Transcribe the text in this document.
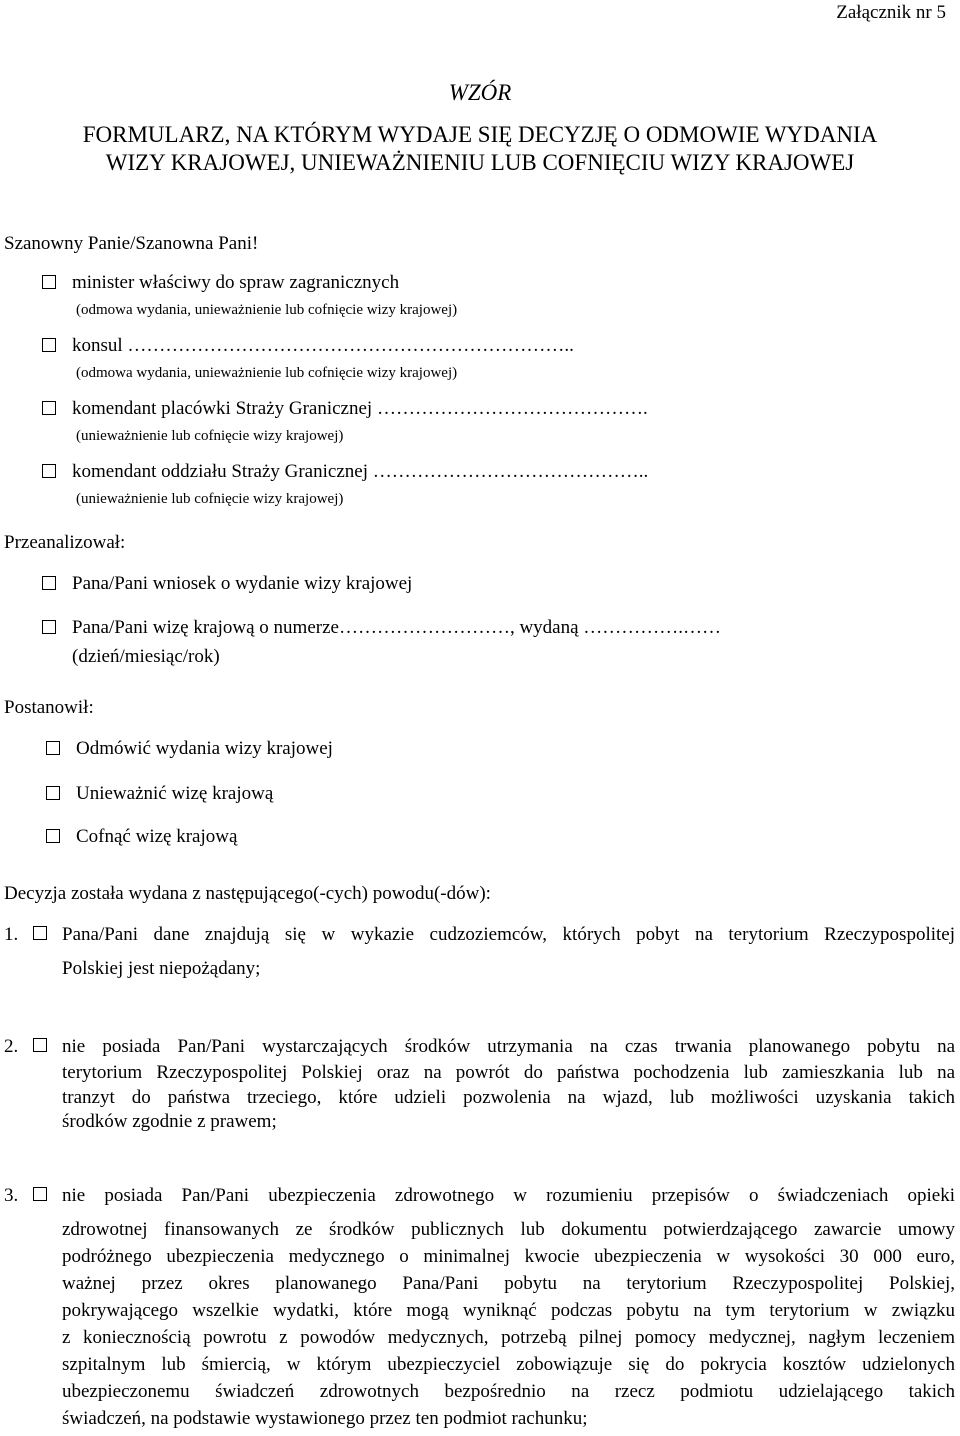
Załącznik nr 5
WZÓR
FORMULARZ, NA KTÓRYM WYDAJE SIĘ DECYZJĘ O ODMOWIE WYDANIA
WIZY KRAJOWEJ, UNIEWAŻNIENIU LUB COFNIĘCIU WIZY KRAJOWEJ
Szanowny Panie/Szanowna Pani!
minister właściwy do spraw zagranicznych
(odmowa wydania, unieważnienie lub cofnięcie wizy krajowej)
konsul ……………………………………………………………..
(odmowa wydania, unieważnienie lub cofnięcie wizy krajowej)
komendant placówki Straży Granicznej …………………………………….
(unieważnienie lub cofnięcie wizy krajowej)
komendant oddziału Straży Granicznej ……………………………………..
(unieważnienie lub cofnięcie wizy krajowej)
Przeanalizował:
Pana/Pani wniosek o wydanie wizy krajowej
Pana/Pani wizę krajową o numerze………………………, wydaną …………….……
(dzień/miesiąc/rok)
Postanowił:
Odmówić wydania wizy krajowej
Unieważnić wizę krajową
Cofnąć wizę krajową
Decyzja została wydana z następującego(-cych) powodu(-dów):
1. Pana/Pani dane znajdują się w wykazie cudzoziemców, których pobyt na terytorium Rzeczypospolitej
Polskiej jest niepożądany;
2. nie posiada Pan/Pani wystarczających środków utrzymania na czas trwania planowanego pobytu na
terytorium Rzeczypospolitej Polskiej oraz na powrót do państwa pochodzenia lub zamieszkania lub na
tranzyt do państwa trzeciego, które udzieli pozwolenia na wjazd, lub możliwości uzyskania takich
środków zgodnie z prawem;
3. nie posiada Pan/Pani ubezpieczenia zdrowotnego w rozumieniu przepisów o świadczeniach opieki
zdrowotnej finansowanych ze środków publicznych lub dokumentu potwierdzającego zawarcie umowy
podróżnego ubezpieczenia medycznego o minimalnej kwocie ubezpieczenia w wysokości 30 000 euro,
ważnej przez okres planowanego Pana/Pani pobytu na terytorium Rzeczypospolitej Polskiej,
pokrywającego wszelkie wydatki, które mogą wyniknąć podczas pobytu na tym terytorium w związku
z koniecznością powrotu z powodów medycznych, potrzebą pilnej pomocy medycznej, nagłym leczeniem
szpitalnym lub śmiercią, w którym ubezpieczyciel zobowiązuje się do pokrycia kosztów udzielonych
ubezpieczonemu świadczeń zdrowotnych bezpośrednio na rzecz podmiotu udzielającego takich
świadczeń, na podstawie wystawionego przez ten podmiot rachunku;
